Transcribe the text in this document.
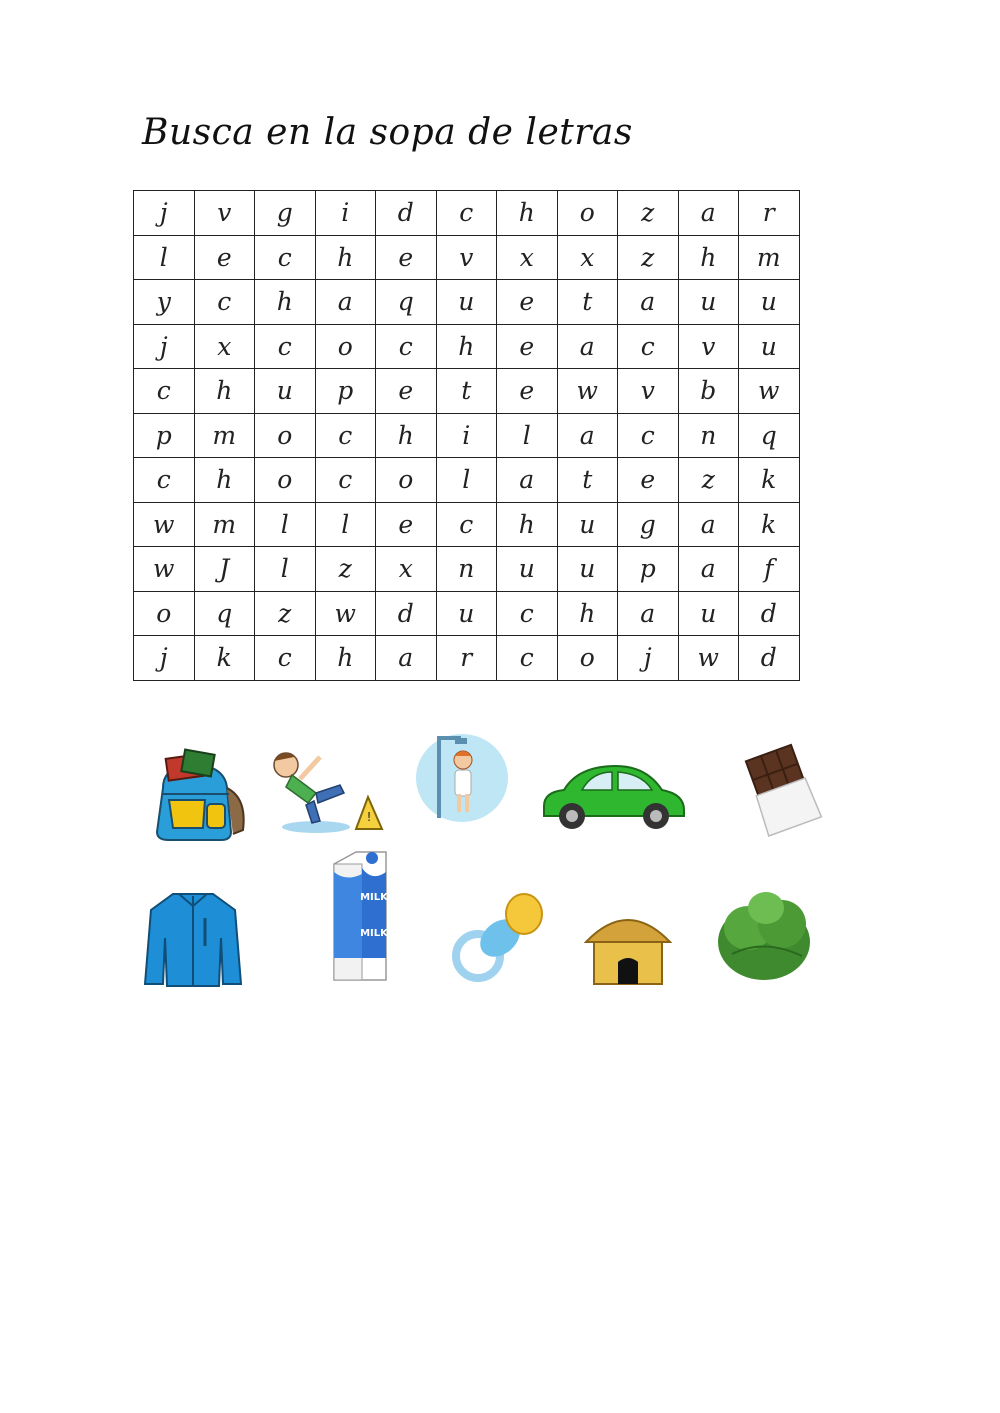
Busca en la sopa de letras
j	v	g	i	d	c	h	o	z	a	r
l	e	c	h	e	v	x	x	z	h	m
y	c	h	a	q	u	e	t	a	u	u
j	x	c	o	c	h	e	a	c	v	u
c	h	u	p	e	t	e	w	v	b	w
p	m	o	c	h	i	l	a	c	n	q
c	h	o	c	o	l	a	t	e	z	k
w	m	l	l	e	c	h	u	g	a	k
w	J	l	z	x	n	u	u	p	a	f
o	q	z	w	d	u	c	h	a	u	d
j	k	c	h	a	r	c	o	j	w	d
!
MILK
MILK
